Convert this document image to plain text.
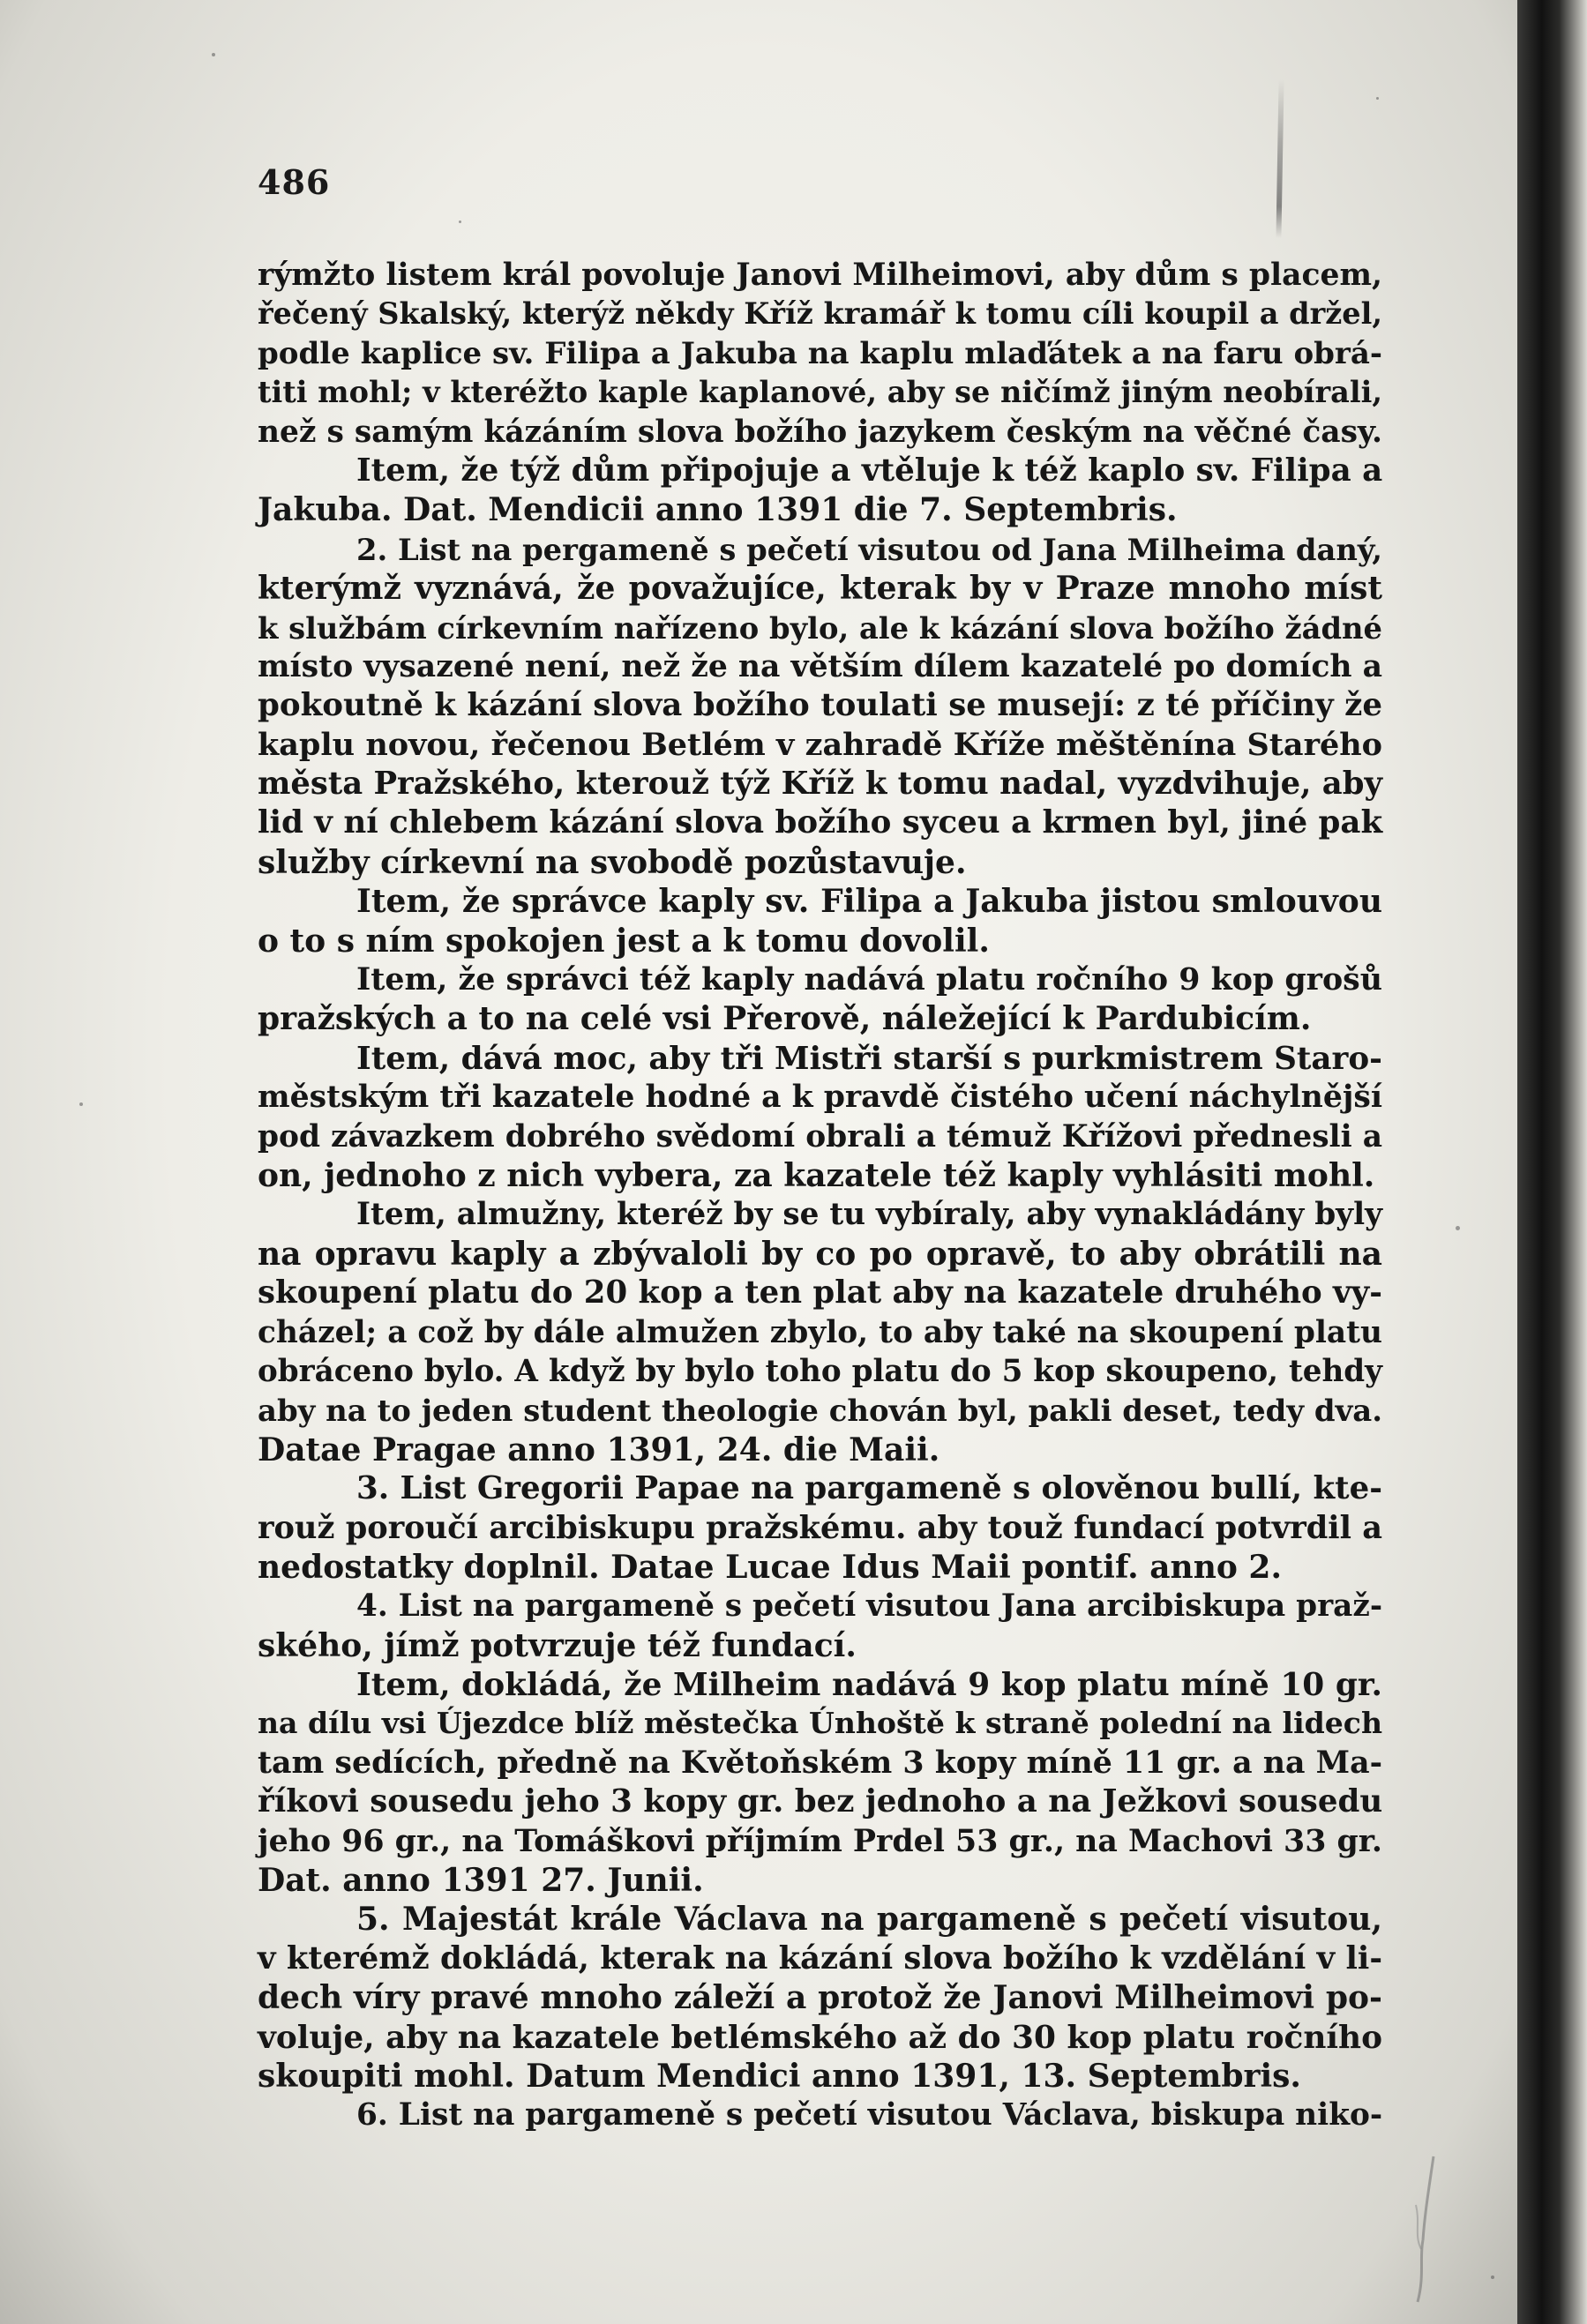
486
rýmžto listem král povoluje Janovi Milheimovi, aby dům s placem,
řečený Skalský, kterýž někdy Kříž kramář k tomu cíli koupil a držel,
podle kaplice sv. Filipa a Jakuba na kaplu mlaďátek a na faru obrá-
titi mohl; v kteréžto kaple kaplanové, aby se ničímž jiným neobírali,
než s samým kázáním slova božího jazykem českým na věčné časy.
Item, že týž dům připojuje a vtěluje k též kaplo sv. Filipa a
Jakuba. Dat. Mendicii anno 1391 die 7. Septembris.
2. List na pergameně s pečetí visutou od Jana Milheima daný,
kterýmž vyznává, že považujíce, kterak by v Praze mnoho míst
k službám církevním nařízeno bylo, ale k kázání slova božího žádné
místo vysazené není, než že na větším dílem kazatelé po domích a
pokoutně k kázání slova božího toulati se musejí: z té příčiny že
kaplu novou, řečenou Betlém v zahradě Kříže měštěnína Starého
města Pražského, kterouž týž Kříž k tomu nadal, vyzdvihuje, aby
lid v ní chlebem kázání slova božího syceu a krmen byl, jiné pak
služby církevní na svobodě pozůstavuje.
Item, že správce kaply sv. Filipa a Jakuba jistou smlouvou
o to s ním spokojen jest a k tomu dovolil.
Item, že správci též kaply nadává platu ročního 9 kop grošů
pražských a to na celé vsi Přerově, náležející k Pardubicím.
Item, dává moc, aby tři Mistři starší s purkmistrem Staro-
městským tři kazatele hodné a k pravdě čistého učení náchylnější
pod závazkem dobrého svědomí obrali a témuž Křížovi přednesli a
on, jednoho z nich vybera, za kazatele též kaply vyhlásiti mohl.
Item, almužny, kteréž by se tu vybíraly, aby vynakládány byly
na opravu kaply a zbývaloli by co po opravě, to aby obrátili na
skoupení platu do 20 kop a ten plat aby na kazatele druhého vy-
cházel; a což by dále almužen zbylo, to aby také na skoupení platu
obráceno bylo. A když by bylo toho platu do 5 kop skoupeno, tehdy
aby na to jeden student theologie chován byl, pakli deset, tedy dva.
Datae Pragae anno 1391, 24. die Maii.
3. List Gregorii Papae na pargameně s olověnou bullí, kte-
rouž poroučí arcibiskupu pražskému. aby touž fundací potvrdil a
nedostatky doplnil. Datae Lucae Idus Maii pontif. anno 2.
4. List na pargameně s pečetí visutou Jana arcibiskupa praž-
ského, jímž potvrzuje též fundací.
Item, dokládá, že Milheim nadává 9 kop platu míně 10 gr.
na dílu vsi Újezdce blíž městečka Únhoště k straně polední na lidech
tam sedících, předně na Květoňském 3 kopy míně 11 gr. a na Ma-
říkovi sousedu jeho 3 kopy gr. bez jednoho a na Ježkovi sousedu
jeho 96 gr., na Tomáškovi příjmím Prdel 53 gr., na Machovi 33 gr.
Dat. anno 1391 27. Junii.
5. Majestát krále Václava na pargameně s pečetí visutou,
v kterémž dokládá, kterak na kázání slova božího k vzdělání v li-
dech víry pravé mnoho záleží a protož že Janovi Milheimovi po-
voluje, aby na kazatele betlémského až do 30 kop platu ročního
skoupiti mohl. Datum Mendici anno 1391, 13. Septembris.
6. List na pargameně s pečetí visutou Václava, biskupa niko-
